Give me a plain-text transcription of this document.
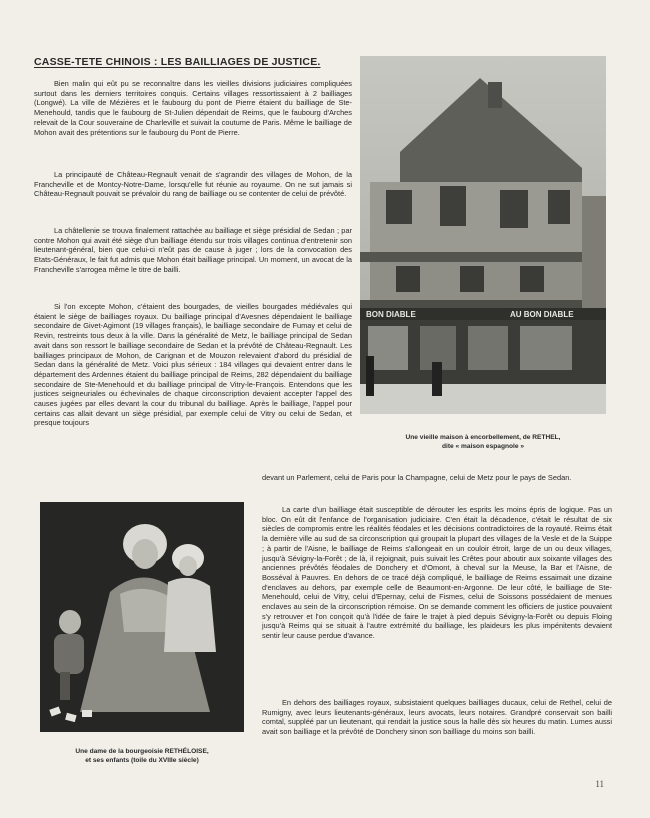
CASSE-TETE CHINOIS : LES BAILLIAGES DE JUSTICE.

Bien malin qui eût pu se reconnaître dans les vieilles divisions judiciaires compliquées surtout dans les derniers territoires conquis. Certains villages ressortissaient à 2 bailliages (Longwé). La ville de Mézières et le faubourg du pont de Pierre étaient du bailliage de Ste-Menehould, tandis que le faubourg de St-Julien dépendait de Reims, que le faubourg d'Arches relevait de la Cour souveraine de Charleville et suivait la coutume de Paris. Même le bailliage de Mohon avait des prétentions sur le faubourg du Pont de Pierre.

La principauté de Château-Regnault venait de s'agrandir des villages de Mohon, de la Francheville et de Montcy-Notre-Dame, lorsqu'elle fut réunie au royaume. On ne sut jamais si Château-Regnault pouvait se prévaloir du rang de bailliage ou se contenter de celui de prévôté.

La châtellenie se trouva finalement rattachée au bailliage et siège présidial de Sedan ; par contre Mohon qui avait été siège d'un bailliage étendu sur trois villages continua d'entretenir son lieutenant-général, bien que celui-ci n'eût pas de cause à juger ; lors de la convocation des Etats-Généraux, le fait fut admis que Mohon était bailliage principal. Un moment, un avocat de la Francheville s'arrogea même le titre de bailli.

Si l'on excepte Mohon, c'étaient des bourgades, de vieilles bourgades médiévales qui étaient le siège de bailliages royaux. Du bailliage principal d'Avesnes dépendaient le bailliage secondaire de Givet-Agimont (19 villages français), le bailliage secondaire de Fumay et celui de Revin, restreints tous deux à la ville. Dans la généralité de Metz, le bailliage principal de Sedan avait dans son ressort le bailliage secondaire de Sedan et la prévôté de Château-Regnault. Les bailliages principaux de Mohon, de Carignan et de Mouzon relevaient d'abord du présidial de Sedan dans la généralité de Metz. Voici plus sérieux : 184 villages qui devaient entrer dans le département des Ardennes étaient du bailliage principal de Reims, 282 dépendaient du bailliage secondaire de Ste-Menehould et du bailliage principal de Vitry-le-François. Entendons que les justices seigneuriales ou échevinales de chaque circonscription devaient accepter l'appel des causes jugées par elles devant la cour du tribunal du bailliage. Après le bailliage, l'appel pour certains cas allait devant un siège présidial, par exemple celui de Vitry ou celui de Sedan, et presque toujours

devant un Parlement, celui de Paris pour la Champagne, celui de Metz pour le pays de Sedan.

La carte d'un bailliage était susceptible de dérouter les esprits les moins épris de logique. Pas un bloc. On eût dit l'enfance de l'organisation judiciaire. C'en était la décadence, c'était le résultat de six siècles de compromis entre les réalités féodales et les décisions contradictoires de la royauté. Reims était la dernière ville au sud de sa circonscription qui groupait la plupart des villages de la Vesle et de la Suippe ; à partir de l'Aisne, le bailliage de Reims s'allongeait en un couloir étroit, large de un ou deux villages, jusqu'à Sévigny-la-Forêt ; de là, il rejoignait, puis suivait les Crêtes pour aboutir aux soixante villages des anciennes prévôtés féodales de Donchery et d'Omont, à cheval sur la Meuse, la Bar et l'Aisne, de Bosséval à Pauvres. En dehors de ce tracé déjà compliqué, le bailliage de Reims essaimait une dizaine d'enclaves au dehors, par exemple celle de Beaumont-en-Argonne. De leur côté, le bailliage de Ste-Menehould, celui de Vitry, celui d'Epernay, celui de Fismes, celui de Soissons possédaient de menues enclaves au sein de la circonscription rémoise. On se demande comment les officiers de justice pouvaient s'y retrouver et l'on conçoit qu'à l'idée de faire le trajet à pied depuis Sévigny-la-Forêt ou depuis Floing jusqu'à Reims qui se situait à l'autre extrémité du bailliage, les plaideurs les plus impénitents devaient sentir leur cause perdue d'avance.

En dehors des bailliages royaux, subsistaient quelques bailliages ducaux, celui de Rethel, celui de Rumigny, avec leurs lieutenants-généraux, leurs avocats, leurs notaires. Grandpré conservait son bailli comtal, suppléé par un lieutenant, qui rendait la justice sous la halle dès six heures du matin. Lumes aussi avait son bailliage et la prévôté de Donchery sinon son bailliage du moins son bailli.

BON DIABLE	AU BON DIABLE

Une vieille maison à encorbellement, de RETHEL,
dite « maison espagnole »

Une dame de la bourgeoisie RETHÉLOISE,
et ses enfants (toile du XVIIIe siècle)

11
